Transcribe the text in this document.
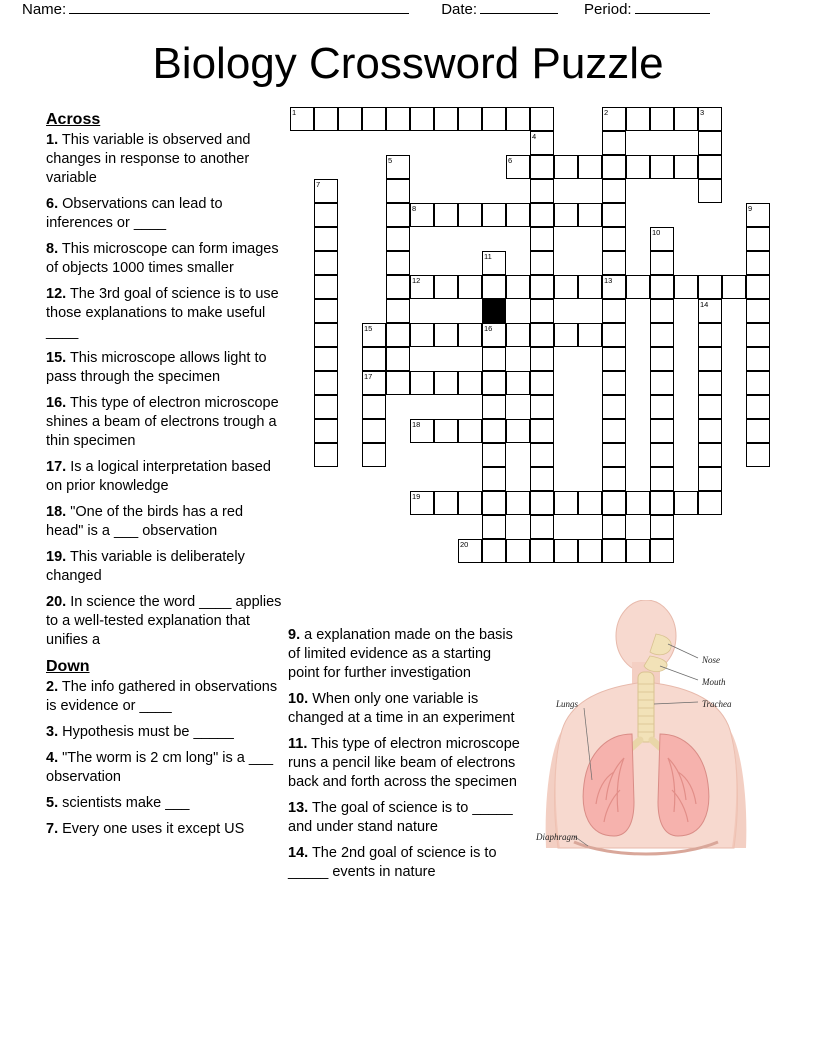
Name:	Date:	Period:
Biology Crossword Puzzle
Across
1. This variable is observed and changes in response to another variable
6. Observations can lead to inferences or ____
8. This microscope can form images of objects 1000 times smaller
12. The 3rd goal of science is to use those explanations to make useful ____
15. This microscope allows light to pass through the specimen
16. This type of electron microscope shines a beam of electrons trough a thin specimen
17. Is a logical interpretation based on prior knowledge
18. "One of the birds has a red head" is a ___ observation
19. This variable is deliberately changed
20. In science the word ____ applies to a well-tested explanation that unifies a
Down
2. The info gathered in observations is evidence or ____
3. Hypothesis must be _____
4. "The worm is 2 cm long" is a ___ observation
5. scientists make ___
7. Every one uses it except US
9. a explanation made on the basis of limited evidence as a starting point for further investigation
10. When only one variable is changed at a time in an experiment
11. This type of electron microscope runs a pencil like beam of electrons back and forth across the specimen
13. The goal of science is to _____ and under stand nature
14. The 2nd goal of science is to _____ events in nature
1	2	3
4
5	6
7
8	9
10
11
12	13
14
15	16
17
18
19
20
Nose
Mouth
Lungs	Trachea
Diaphragm
